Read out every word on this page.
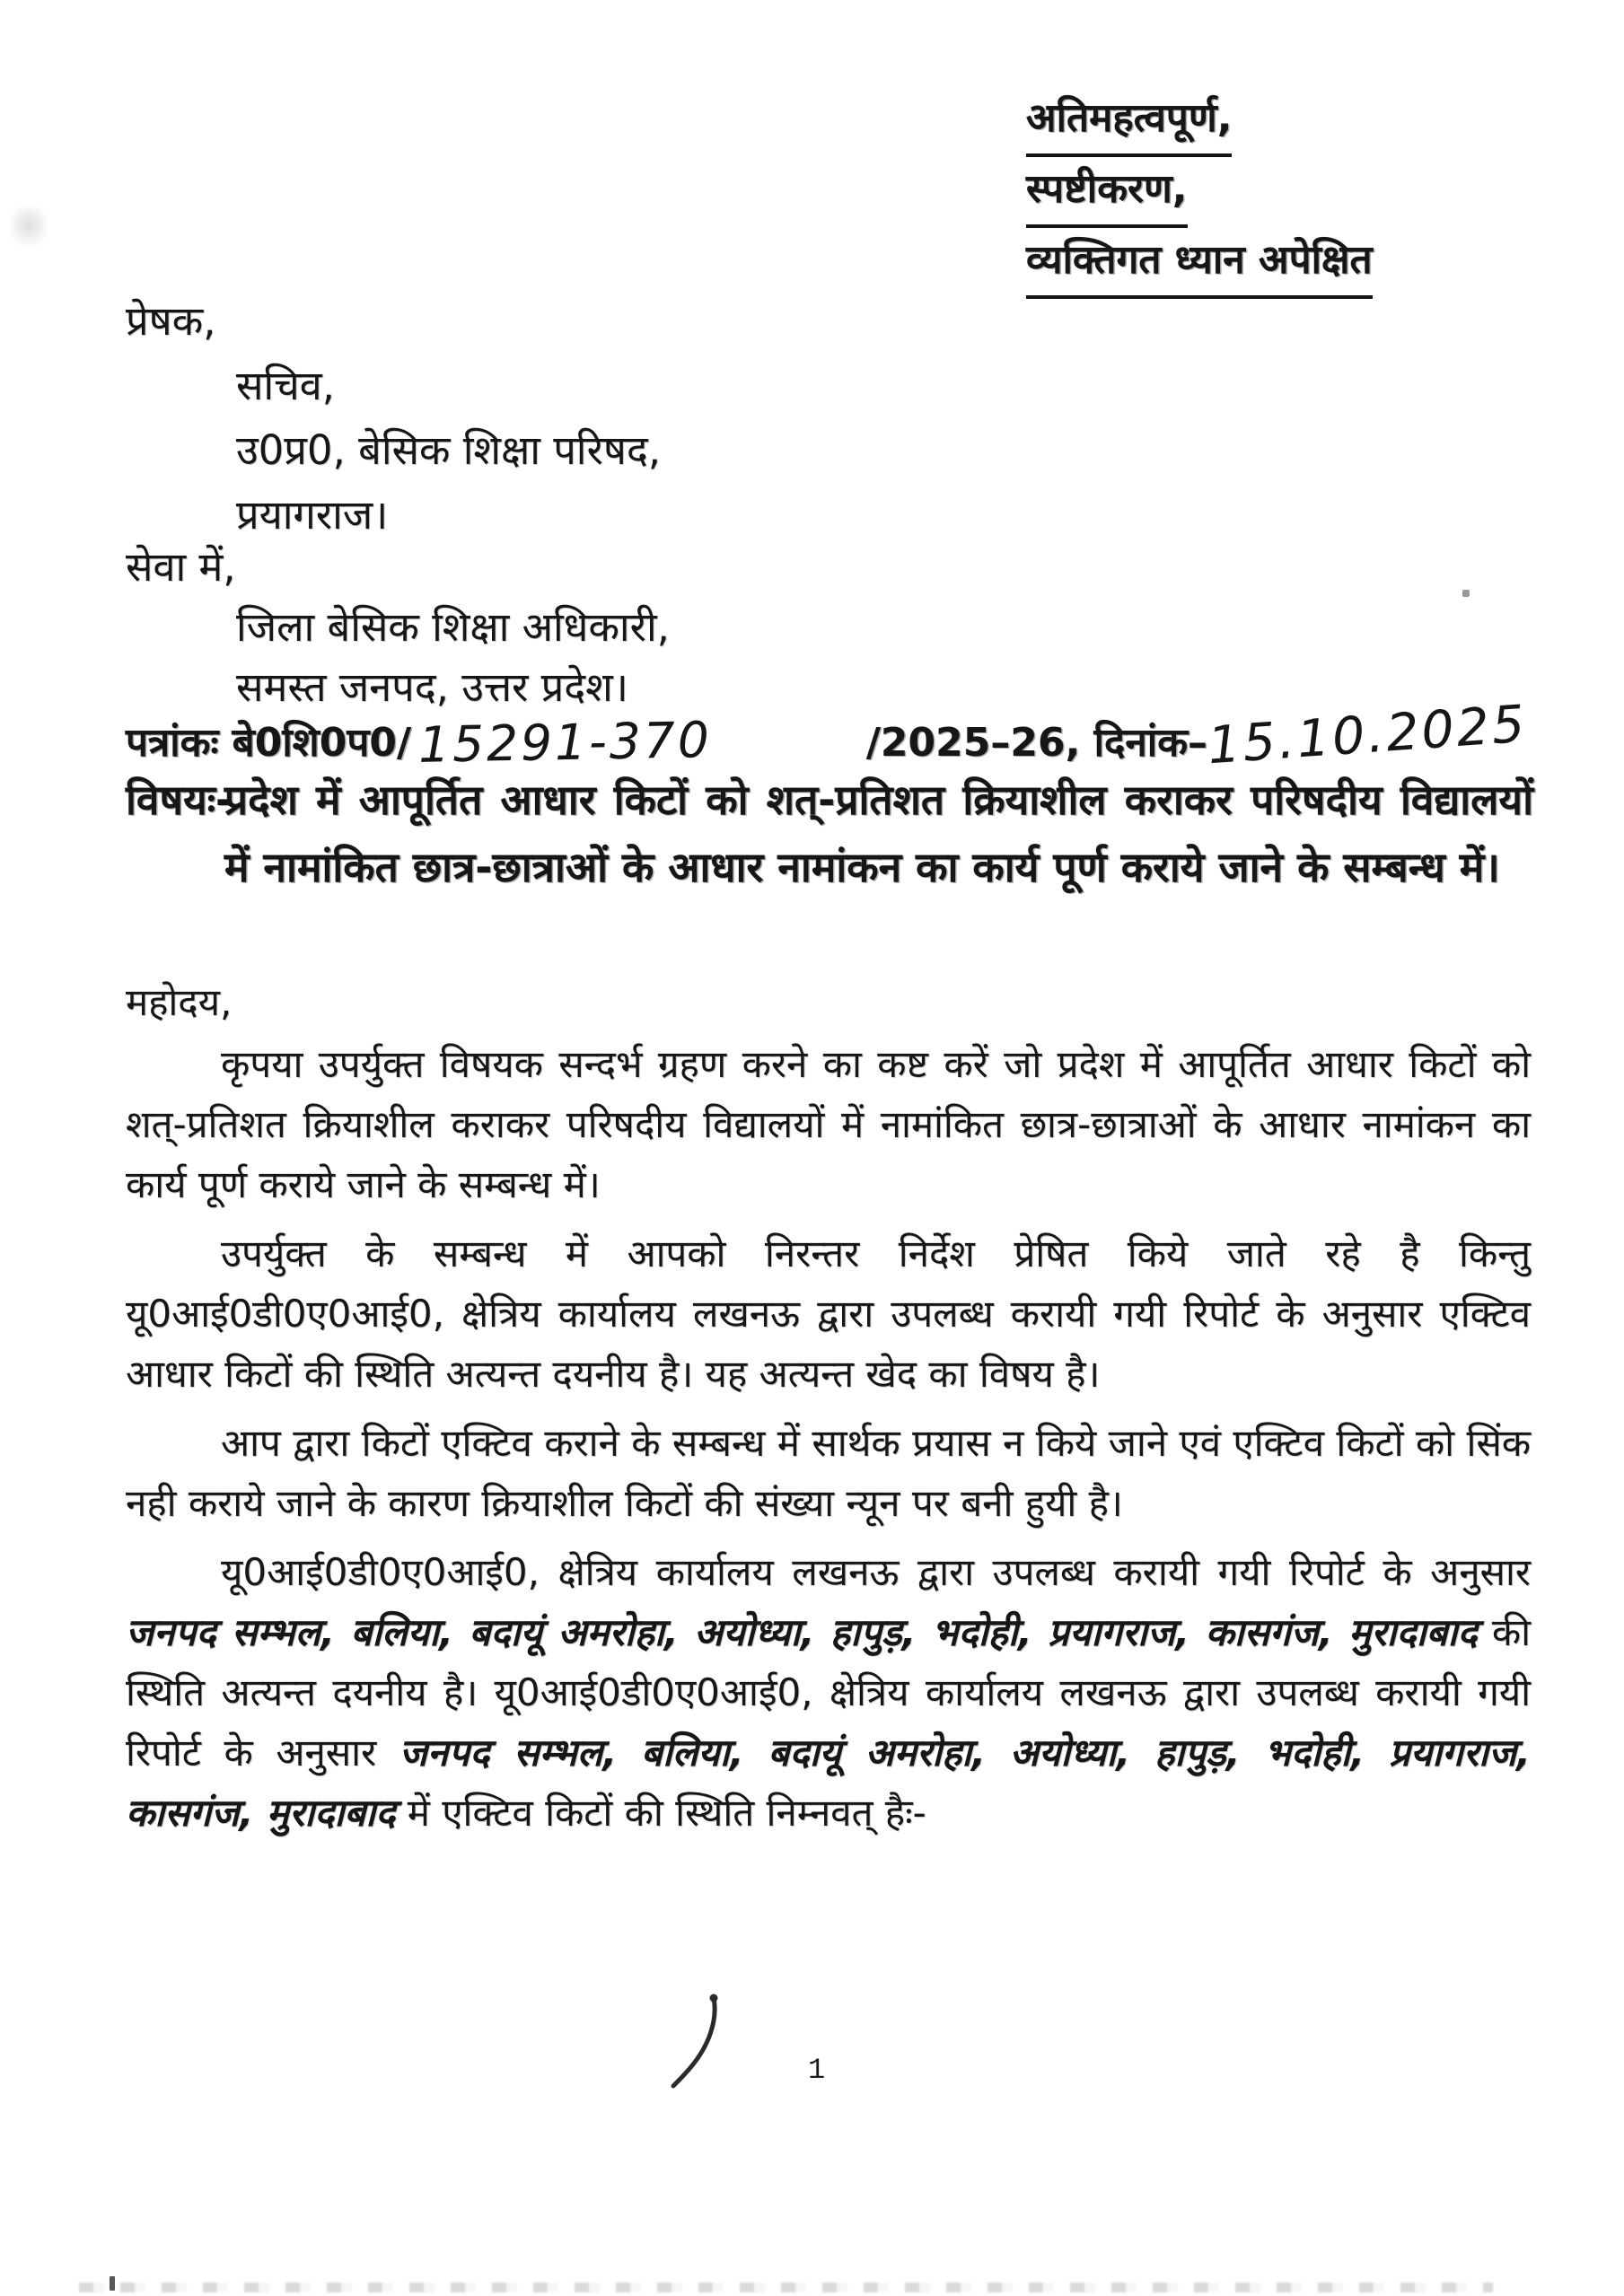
अतिमहत्वपूर्ण,
स्पष्टीकरण,
व्यक्तिगत ध्यान अपेक्षित
प्रेषक,
सचिव,
उ0प्र0, बेसिक शिक्षा परिषद,
प्रयागराज।
सेवा में,
जिला बेसिक शिक्षा अधिकारी,
समस्त जनपद, उत्तर प्रदेश।
पत्रांकः बे0शि0प0/ 15291-370	/2025–26, दिनांक–15.10.2025
विषयः-
प्रदेश में आपूर्तित आधार किटों को शत्-प्रतिशत क्रियाशील कराकर परिषदीय विद्यालयों में नामांकित छात्र-छात्राओं के आधार नामांकन का कार्य पूर्ण कराये जाने के सम्बन्ध में।
महोदय,

कृपया उपर्युक्त विषयक सन्दर्भ ग्रहण करने का कष्ट करें जो प्रदेश में आपूर्तित आधार किटों को शत्-प्रतिशत क्रियाशील कराकर परिषदीय विद्यालयों में नामांकित छात्र-छात्राओं के आधार नामांकन का कार्य पूर्ण कराये जाने के सम्बन्ध में।

उपर्युक्त के सम्बन्ध में आपको निरन्तर निर्देश प्रेषित किये जाते रहे है किन्तु यू0आई0डी0ए0आई0, क्षेत्रिय कार्यालय लखनऊ द्वारा उपलब्ध करायी गयी रिपोर्ट के अनुसार एक्टिव आधार किटों की स्थिति अत्यन्त दयनीय है। यह अत्यन्त खेद का विषय है।

आप द्वारा किटों एक्टिव कराने के सम्बन्ध में सार्थक प्रयास न किये जाने एवं एक्टिव किटों को सिंक नही कराये जाने के कारण क्रियाशील किटों की संख्या न्यून पर बनी हुयी है।

यू0आई0डी0ए0आई0, क्षेत्रिय कार्यालय लखनऊ द्वारा उपलब्ध करायी गयी रिपोर्ट के अनुसार जनपद सम्भल, बलिया, बदायूं अमरोहा, अयोध्या, हापुड़, भदोही, प्रयागराज, कासगंज, मुरादाबाद की स्थिति अत्यन्त दयनीय है। यू0आई0डी0ए0आई0, क्षेत्रिय कार्यालय लखनऊ द्वारा उपलब्ध करायी गयी रिपोर्ट के अनुसार जनपद सम्भल, बलिया, बदायूं अमरोहा, अयोध्या, हापुड़, भदोही, प्रयागराज, कासगंज, मुरादाबाद में एक्टिव किटों की स्थिति निम्नवत् हैः-

1
